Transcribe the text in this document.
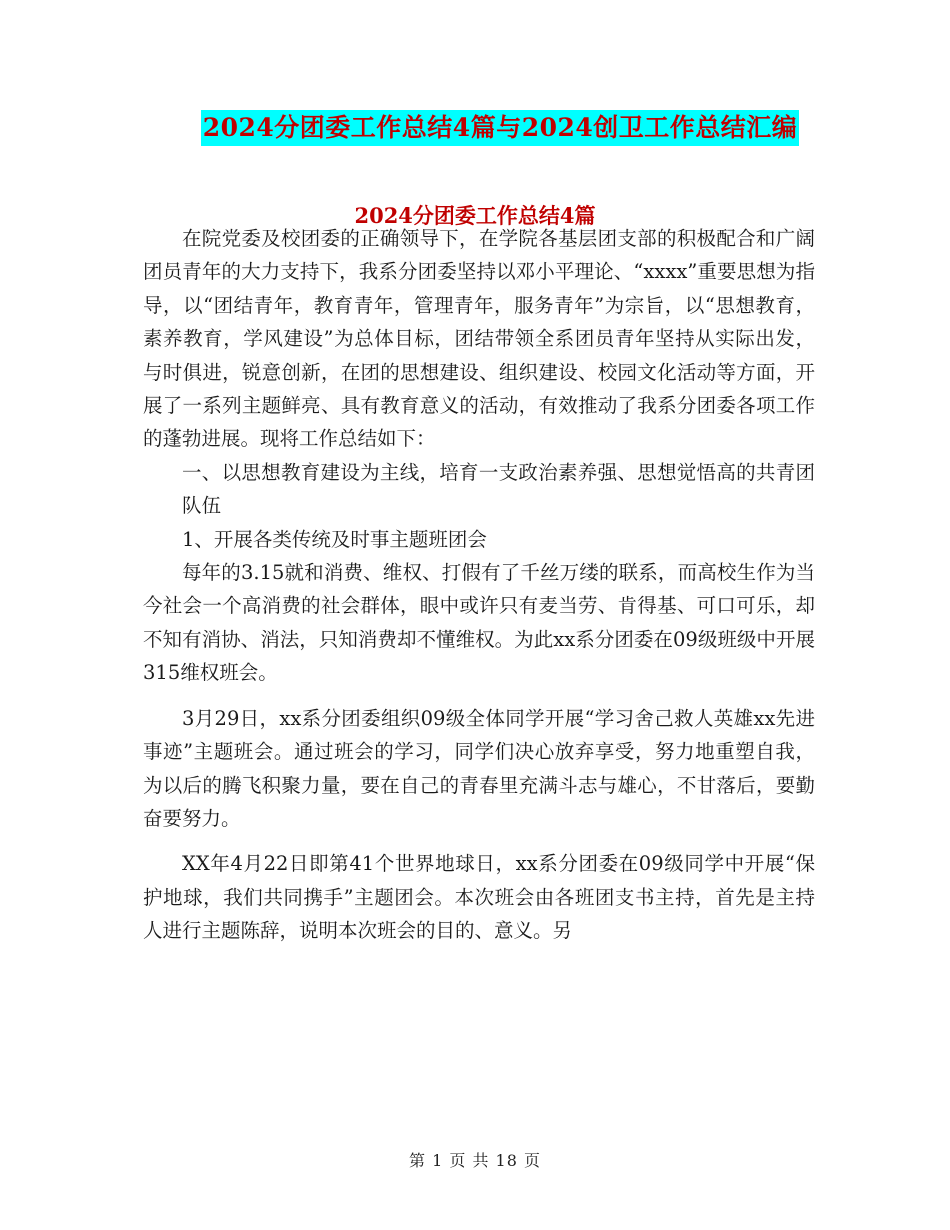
2024分团委工作总结4篇与2024创卫工作总结汇编
2024分团委工作总结4篇

在院党委及校团委的正确领导下，在学院各基层团支部的积极配合和广阔团员青年的大力支持下，我系分团委坚持以邓小平理论、“xxxx”重要思想为指导，以“团结青年，教育青年，管理青年，服务青年”为宗旨，以“思想教育，素养教育，学风建设”为总体目标，团结带领全系团员青年坚持从实际出发，与时俱进，锐意创新，在团的思想建设、组织建设、校园文化活动等方面，开展了一系列主题鲜亮、具有教育意义的活动，有效推动了我系分团委各项工作的蓬勃进展。现将工作总结如下：

一、以思想教育建设为主线，培育一支政治素养强、思想觉悟高的共青团队伍

1、开展各类传统及时事主题班团会

每年的3.15就和消费、维权、打假有了千丝万缕的联系，而高校生作为当今社会一个高消费的社会群体，眼中或许只有麦当劳、肯得基、可口可乐，却不知有消协、消法，只知消费却不懂维权。为此xx系分团委在09级班级中开展315维权班会。

3月29日，xx系分团委组织09级全体同学开展“学习舍己救人英雄xx先进事迹”主题班会。通过班会的学习，同学们决心放弃享受，努力地重塑自我，为以后的腾飞积聚力量，要在自己的青春里充满斗志与雄心，不甘落后，要勤奋要努力。

XX年4月22日即第41个世界地球日，xx系分团委在09级同学中开展“保护地球，我们共同携手”主题团会。本次班会由各班团支书主持，首先是主持人进行主题陈辞，说明本次班会的目的、意义。另

第 1 页 共 18 页
